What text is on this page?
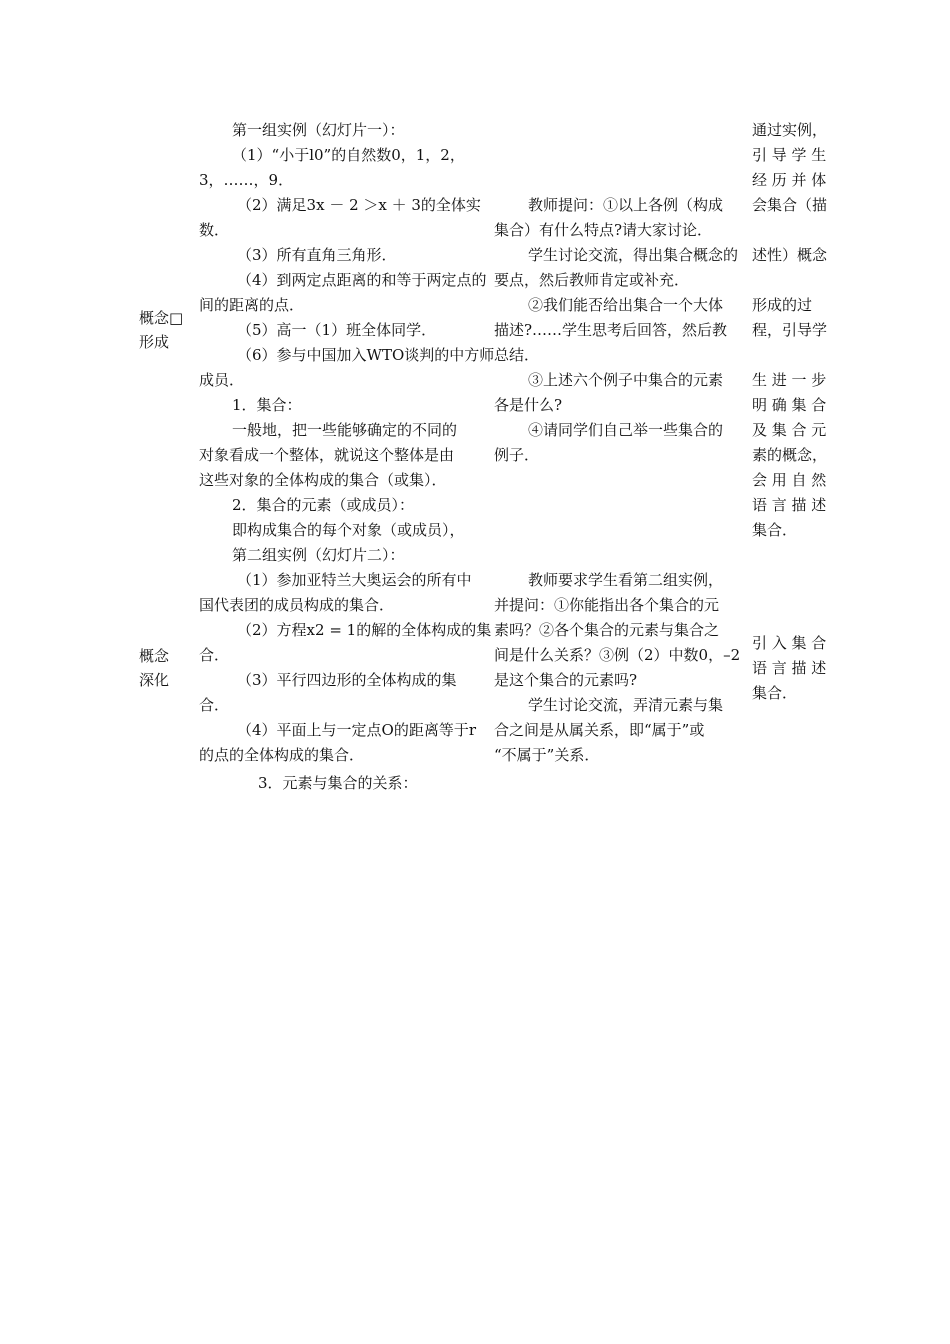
概念□
形成
概念
深化
第一组实例（幻灯片一）：
（1）“小于l0”的自然数0，1，2，
3，……，9．
（2）满足3x － 2 ＞x ＋ 3的全体实
数．
（3）所有直角三角形．
（4）到两定点距离的和等于两定点的
间的距离的点．
（5）高一（1）班全体同学．
（6）参与中国加入WTO谈判的中方师
成员．
1．集合：
一般地，把一些能够确定的不同的
对象看成一个整体，就说这个整体是由
这些对象的全体构成的集合（或集）．
2．集合的元素（或成员）：
即构成集合的每个对象（或成员），
第二组实例（幻灯片二）：
（1）参加亚特兰大奥运会的所有中
国代表团的成员构成的集合．
（2）方程x2 = 1的解的全体构成的集
合．
（3）平行四边形的全体构成的集
合．
（4）平面上与一定点O的距离等于r
的点的全体构成的集合．
3．元素与集合的关系：
教师提问：①以上各例（构成
集合）有什么特点?请大家讨论．
学生讨论交流，得出集合概念的
要点，然后教师肯定或补充．
②我们能否给出集合一个大体
描述?……学生思考后回答，然后教
总结．
③上述六个例子中集合的元素
各是什么?
④请同学们自己举一些集合的
例子．
教师要求学生看第二组实例，
并提问：①你能指出各个集合的元
素吗？②各个集合的元素与集合之
间是什么关系？③例（2）中数0，–2
是这个集合的元素吗?
学生讨论交流，弄清元素与集
合之间是从属关系，即“属于”或
“不属于”关系．
通过实例，
引 导 学 生
经 历 并 体
会集合（描
述性）概念
形成的过
程，引导学
生 进 一 步
明 确 集 合
及 集 合 元
素的概念，
会 用 自 然
语 言 描 述
集合．
引 入 集 合
语 言 描 述
集合．
